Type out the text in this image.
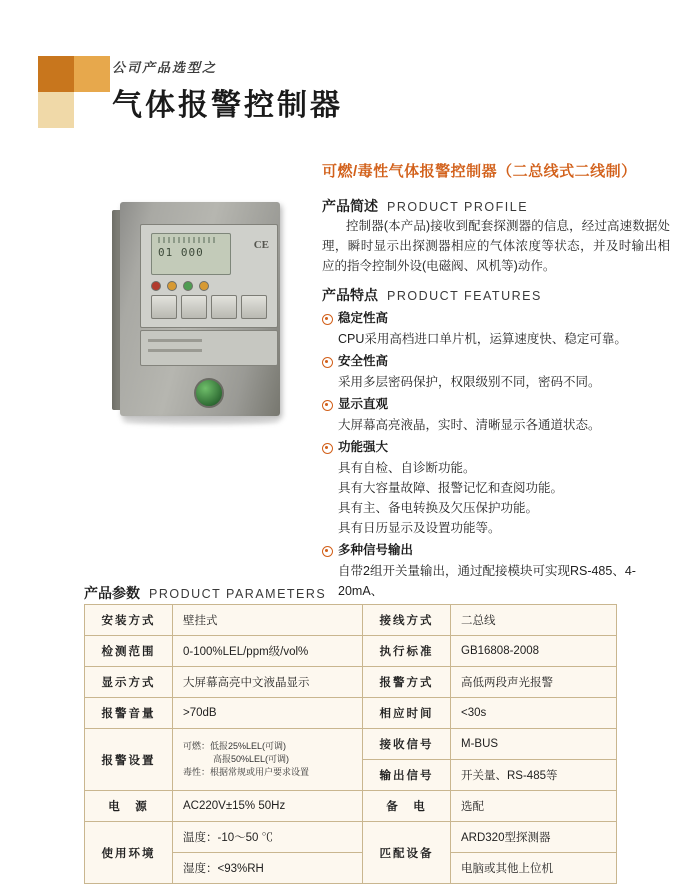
公司产品选型之
气体报警控制器
可燃/毒性气体报警控制器（二总线式二线制）
01 000
CE
产品简述 PRODUCT PROFILE
控制器(本产品)接收到配套探测器的信息，经过高速数据处理，瞬时显示出探测器相应的气体浓度等状态，并及时输出相应的指令控制外设(电磁阀、风机等)动作。
产品特点 PRODUCT FEATURES
稳定性高
CPU采用高档进口单片机，运算速度快、稳定可靠。
安全性高
采用多层密码保护，权限级别不同，密码不同。
显示直观
大屏幕高亮液晶，实时、清晰显示各通道状态。
功能强大
具有自检、自诊断功能。
具有大容量故障、报警记忆和查阅功能。
具有主、备电转换及欠压保护功能。
具有日历显示及设置功能等。
多种信号输出
自带2组开关量输出，通过配接模块可实现RS-485、4-20mA、
产品参数 PRODUCT PARAMETERS
安装方式	壁挂式	接线方式	二总线
检测范围	0-100%LEL/ppm级/vol%	执行标准	GB16808-2008
显示方式	大屏幕高亮中文液晶显示	报警方式	高低两段声光报警
报警音量	>70dB	相应时间	<30s
报警设置	可燃：低报25%LEL(可调)
高报50%LEL(可调)
毒性：根据常规或用户要求设置	接收信号	M-BUS
		输出信号	开关量、RS-485等
电　源	AC220V±15% 50Hz	备　电	选配
使用环境	温度：-10～50 ℃	匹配设备	ARD320型探测器
	湿度：<93%RH		电脑或其他上位机
